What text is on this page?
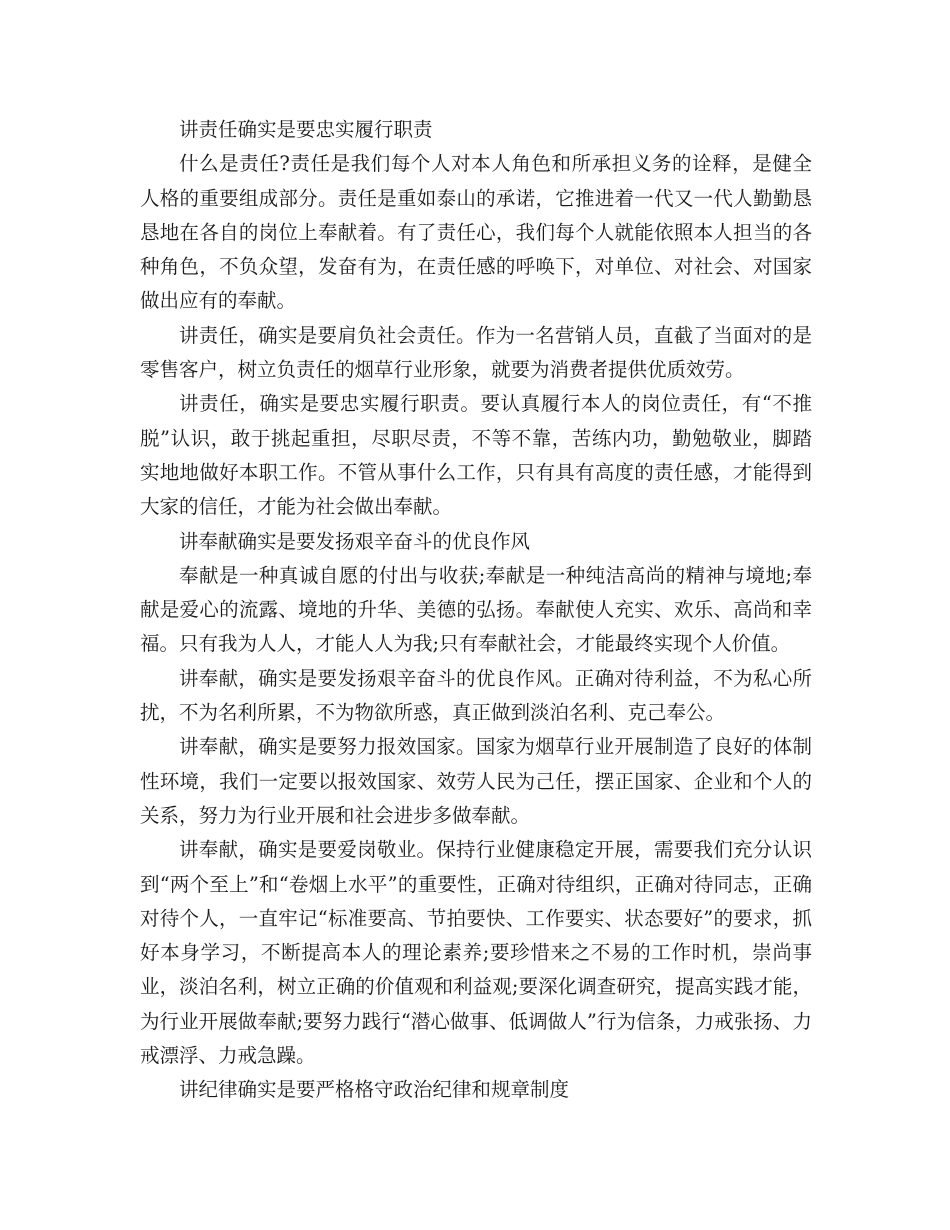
讲责任确实是要忠实履行职责

什么是责任?责任是我们每个人对本人角色和所承担义务的诠释，是健全人格的重要组成部分。责任是重如泰山的承诺，它推进着一代又一代人勤勤恳恳地在各自的岗位上奉献着。有了责任心，我们每个人就能依照本人担当的各种角色，不负众望，发奋有为，在责任感的呼唤下，对单位、对社会、对国家做出应有的奉献。

讲责任，确实是要肩负社会责任。作为一名营销人员，直截了当面对的是零售客户，树立负责任的烟草行业形象，就要为消费者提供优质效劳。

讲责任，确实是要忠实履行职责。要认真履行本人的岗位责任，有“不推脱”认识，敢于挑起重担，尽职尽责，不等不靠，苦练内功，勤勉敬业，脚踏实地地做好本职工作。不管从事什么工作，只有具有高度的责任感，才能得到大家的信任，才能为社会做出奉献。

讲奉献确实是要发扬艰辛奋斗的优良作风

奉献是一种真诚自愿的付出与收获;奉献是一种纯洁高尚的精神与境地;奉献是爱心的流露、境地的升华、美德的弘扬。奉献使人充实、欢乐、高尚和幸福。只有我为人人，才能人人为我;只有奉献社会，才能最终实现个人价值。

讲奉献，确实是要发扬艰辛奋斗的优良作风。正确对待利益，不为私心所扰，不为名利所累，不为物欲所惑，真正做到淡泊名利、克己奉公。

讲奉献，确实是要努力报效国家。国家为烟草行业开展制造了良好的体制性环境，我们一定要以报效国家、效劳人民为己任，摆正国家、企业和个人的关系，努力为行业开展和社会进步多做奉献。

讲奉献，确实是要爱岗敬业。保持行业健康稳定开展，需要我们充分认识到“两个至上”和“卷烟上水平”的重要性，正确对待组织，正确对待同志，正确对待个人，一直牢记“标准要高、节拍要快、工作要实、状态要好”的要求，抓好本身学习，不断提高本人的理论素养;要珍惜来之不易的工作时机，崇尚事业，淡泊名利，树立正确的价值观和利益观;要深化调查研究，提高实践才能，为行业开展做奉献;要努力践行“潜心做事、低调做人”行为信条，力戒张扬、力戒漂浮、力戒急躁。

讲纪律确实是要严格格守政治纪律和规章制度
